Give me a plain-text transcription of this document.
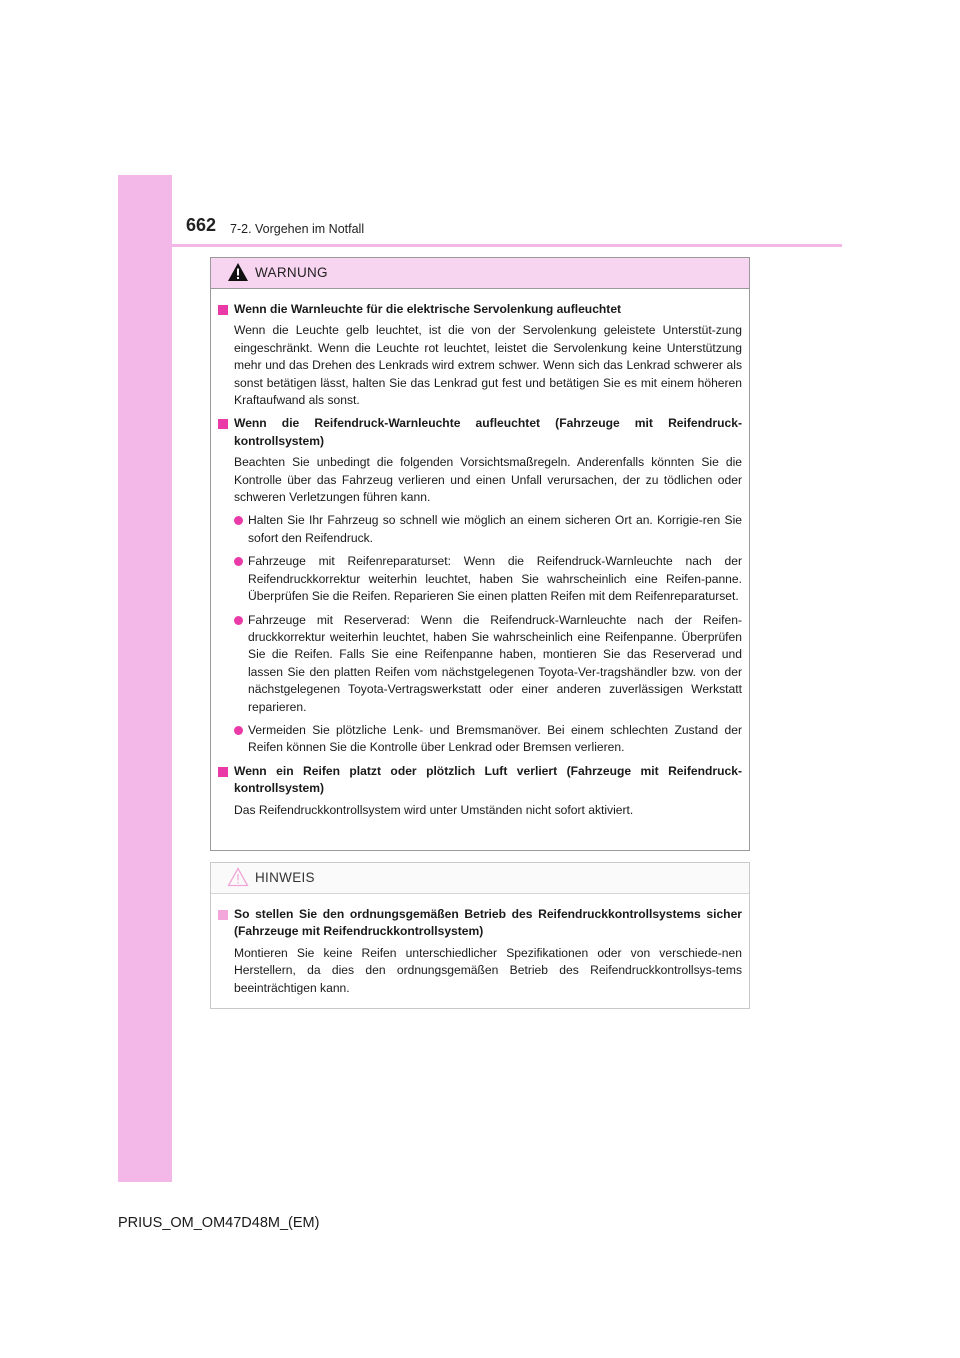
662 7-2. Vorgehen im Notfall
WARNUNG
Wenn die Warnleuchte für die elektrische Servolenkung aufleuchtet
Wenn die Leuchte gelb leuchtet, ist die von der Servolenkung geleistete Unterstüt-zung eingeschränkt. Wenn die Leuchte rot leuchtet, leistet die Servolenkung keine Unterstützung mehr und das Drehen des Lenkrads wird extrem schwer. Wenn sich das Lenkrad schwerer als sonst betätigen lässt, halten Sie das Lenkrad gut fest und betätigen Sie es mit einem höheren Kraftaufwand als sonst.
Wenn die Reifendruck-Warnleuchte aufleuchtet (Fahrzeuge mit Reifendruck-kontrollsystem)
Beachten Sie unbedingt die folgenden Vorsichtsmaßregeln. Anderenfalls könnten Sie die Kontrolle über das Fahrzeug verlieren und einen Unfall verursachen, der zu tödlichen oder schweren Verletzungen führen kann.
Halten Sie Ihr Fahrzeug so schnell wie möglich an einem sicheren Ort an. Korrigie-ren Sie sofort den Reifendruck.
Fahrzeuge mit Reifenreparaturset: Wenn die Reifendruck-Warnleuchte nach der Reifendruckkorrektur weiterhin leuchtet, haben Sie wahrscheinlich eine Reifen-panne. Überprüfen Sie die Reifen. Reparieren Sie einen platten Reifen mit dem Reifenreparaturset.
Fahrzeuge mit Reserverad: Wenn die Reifendruck-Warnleuchte nach der Reifen-druckkorrektur weiterhin leuchtet, haben Sie wahrscheinlich eine Reifenpanne. Überprüfen Sie die Reifen. Falls Sie eine Reifenpanne haben, montieren Sie das Reserverad und lassen Sie den platten Reifen vom nächstgelegenen Toyota-Ver-tragshändler bzw. von der nächstgelegenen Toyota-Vertragswerkstatt oder einer anderen zuverlässigen Werkstatt reparieren.
Vermeiden Sie plötzliche Lenk- und Bremsmanöver. Bei einem schlechten Zustand der Reifen können Sie die Kontrolle über Lenkrad oder Bremsen verlieren.
Wenn ein Reifen platzt oder plötzlich Luft verliert (Fahrzeuge mit Reifendruck-kontrollsystem)
Das Reifendruckkontrollsystem wird unter Umständen nicht sofort aktiviert.
HINWEIS
So stellen Sie den ordnungsgemäßen Betrieb des Reifendruckkontrollsystems sicher (Fahrzeuge mit Reifendruckkontrollsystem)
Montieren Sie keine Reifen unterschiedlicher Spezifikationen oder von verschiede-nen Herstellern, da dies den ordnungsgemäßen Betrieb des Reifendruckkontrollsys-tems beeinträchtigen kann.
PRIUS_OM_OM47D48M_(EM)
